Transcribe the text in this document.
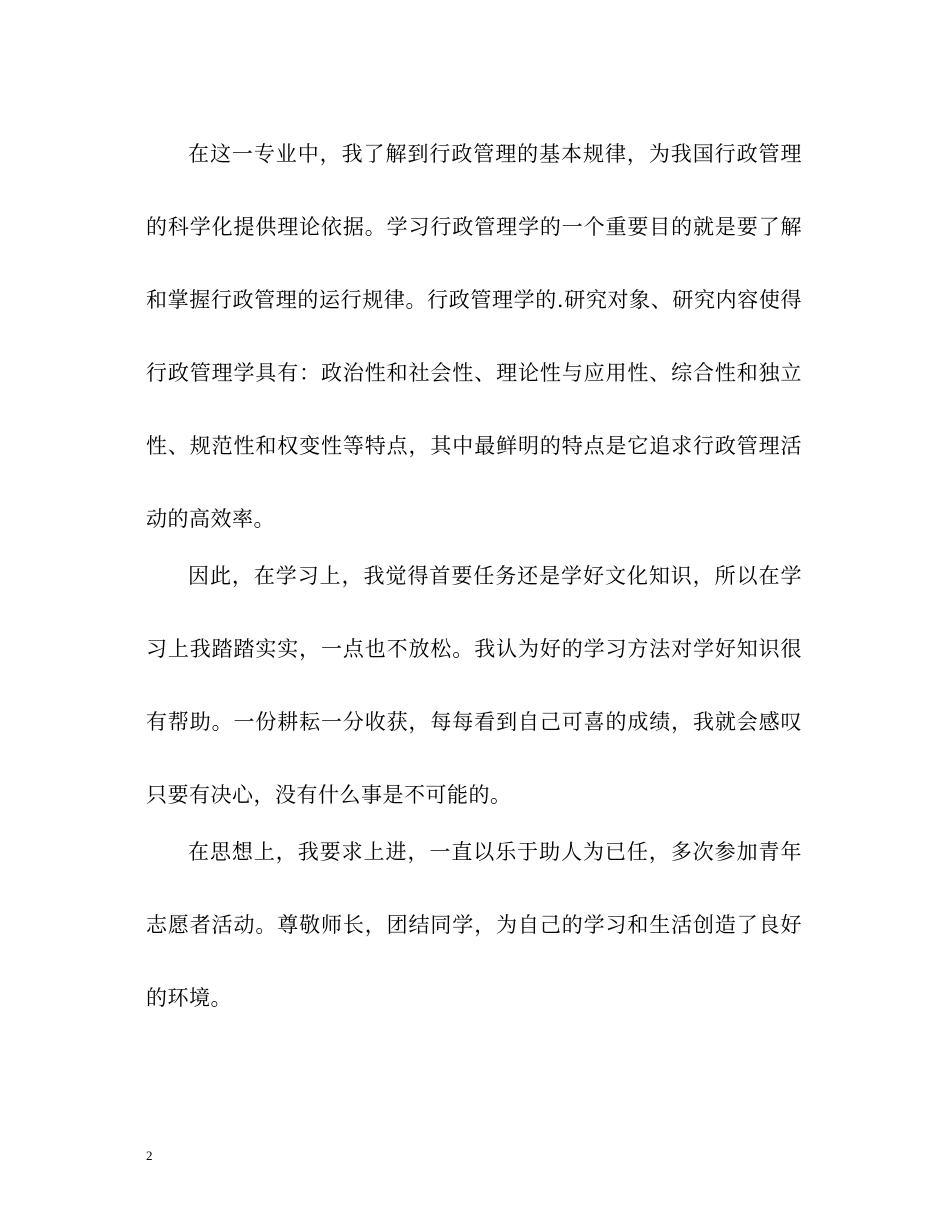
在这一专业中，我了解到行政管理的基本规律，为我国行政管理的科学化提供理论依据。学习行政管理学的一个重要目的就是要了解和掌握行政管理的运行规律。行政管理学的.研究对象、研究内容使得行政管理学具有：政治性和社会性、理论性与应用性、综合性和独立性、规范性和权变性等特点，其中最鲜明的特点是它追求行政管理活动的高效率。

因此，在学习上，我觉得首要任务还是学好文化知识，所以在学习上我踏踏实实，一点也不放松。我认为好的学习方法对学好知识很有帮助。一份耕耘一分收获，每每看到自己可喜的成绩，我就会感叹只要有决心，没有什么事是不可能的。

在思想上，我要求上进，一直以乐于助人为已任，多次参加青年志愿者活动。尊敬师长，团结同学，为自己的学习和生活创造了良好的环境。

2
